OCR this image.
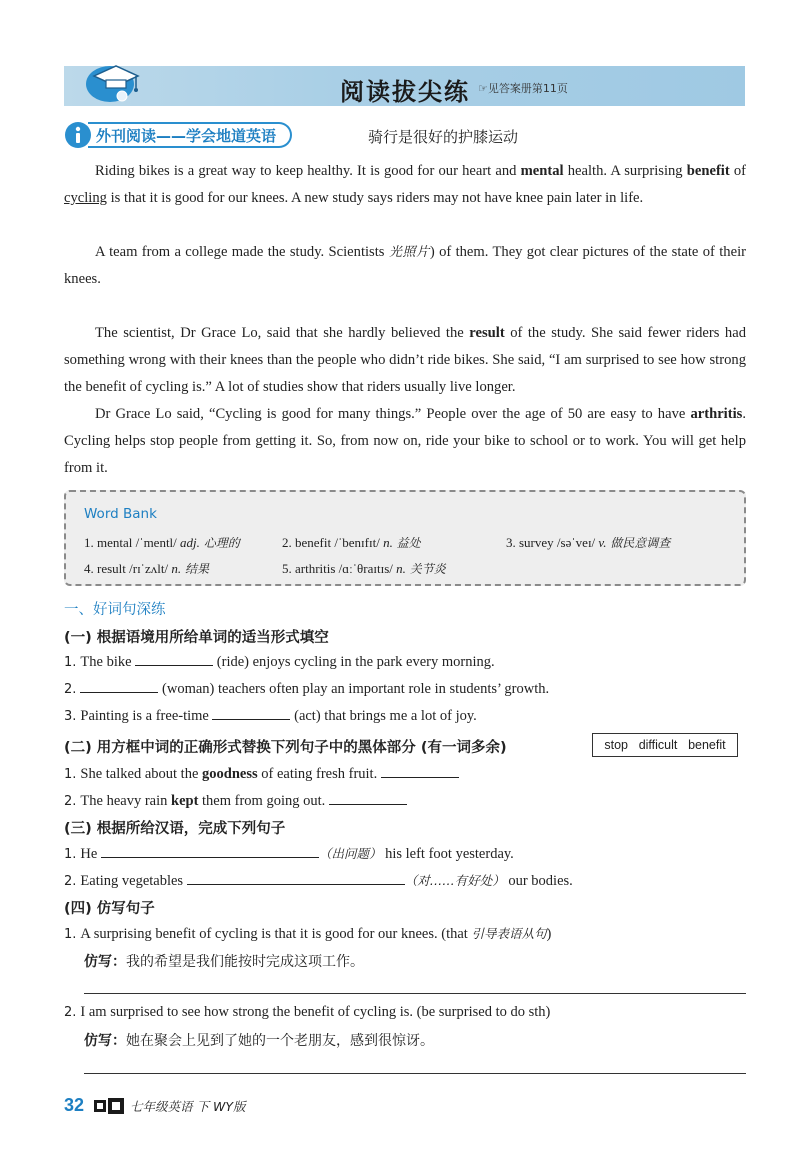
阅读拔尖练 ☞见答案册第11页
外刊阅读——学会地道英语	骑行是很好的护膝运动
Riding bikes is a great way to keep healthy. It is good for our heart and mental health. A surprising benefit of cycling is that it is good for our knees. A new study says riders may not have knee pain later in life.
A team from a college made the study. Scientists 光照片) of them. They got clear pictures of the state of their knees.
The scientist, Dr Grace Lo, said that she hardly believed the result of the study. She said fewer riders had something wrong with their knees than the people who didn’t ride bikes. She said, “I am surprised to see how strong the benefit of cycling is.” A lot of studies show that riders usually live longer.
Dr Grace Lo said, “Cycling is good for many things.” People over the age of 50 are easy to have arthritis. Cycling helps stop people from getting it. So, from now on, ride your bike to school or to work. You will get help from it.
Word Bank
1. mental /ˈmentl/ adj. 心理的	2. benefit /ˈbenɪfɪt/ n. 益处	3. survey /səˈveɪ/ v. 做民意调查
4. result /rɪˈzʌlt/ n. 结果	5. arthritis /ɑːˈθraɪtɪs/ n. 关节炎
一、好词句深练
(一) 根据语境用所给单词的适当形式填空
1. The bike	(ride) enjoys cycling in the park every morning.
2.	(woman) teachers often play an important role in students’ growth.
3. Painting is a free-time	(act) that brings me a lot of joy.
(二) 用方框中词的正确形式替换下列句子中的黑体部分 (有一词多余)	stop difficult benefit
1. She talked about the goodness of eating fresh fruit.
2. The heavy rain kept them from going out.
(三) 根据所给汉语，完成下列句子
1. He	（出问题） his left foot yesterday.
2. Eating vegetables	（对……有好处） our bodies.
(四) 仿写句子
1. A surprising benefit of cycling is that it is good for our knees. (that 引导表语从句)
仿写：我的希望是我们能按时完成这项工作。
2. I am surprised to see how strong the benefit of cycling is. (be surprised to do sth)
仿写：她在聚会上见到了她的一个老朋友，感到很惊讶。
32	七年级英语 下 WY版
